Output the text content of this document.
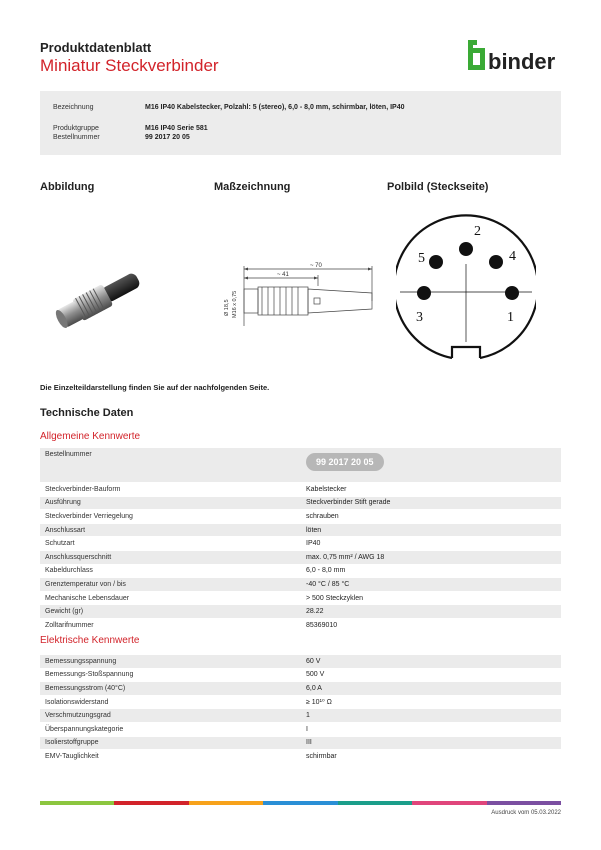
Produktdatenblatt
Miniatur Steckverbinder	binder
Bezeichnung	M16 IP40 Kabelstecker, Polzahl: 5 (stereo), 6,0 - 8,0 mm, schirmbar, löten, IP40
Produktgruppe	M16 IP40 Serie 581
Bestellnummer	99 2017 20 05
Abbildung	Maßzeichnung	Polbild (Steckseite)
~ 70
~ 41
Ø 18,5 M16 x 0,75
2
5	4
3	1
Die Einzelteildarstellung finden Sie auf der nachfolgenden Seite.
Technische Daten
Allgemeine Kennwerte
Bestellnummer	99 2017 20 05
Steckverbinder-Bauform	Kabelstecker
Ausführung	Steckverbinder Stift gerade
Steckverbinder Verriegelung	schrauben
Anschlussart	löten
Schutzart	IP40
Anschlussquerschnitt	max. 0,75 mm² / AWG 18
Kabeldurchlass	6,0 - 8,0 mm
Grenztemperatur von / bis	-40 °C / 85 °C
Mechanische Lebensdauer	> 500 Steckzyklen
Gewicht (gr)	28.22
Zolltarifnummer	85369010
Elektrische Kennwerte
Bemessungsspannung	60 V
Bemessungs-Stoßspannung	500 V
Bemessungsstrom (40°C)	6,0 A
Isolationswiderstand	≥ 10¹⁰ Ω
Verschmutzungsgrad	1
Überspannungskategorie	I
Isolierstoffgruppe	III
EMV-Tauglichkeit	schirmbar
Ausdruck vom 05.03.2022
